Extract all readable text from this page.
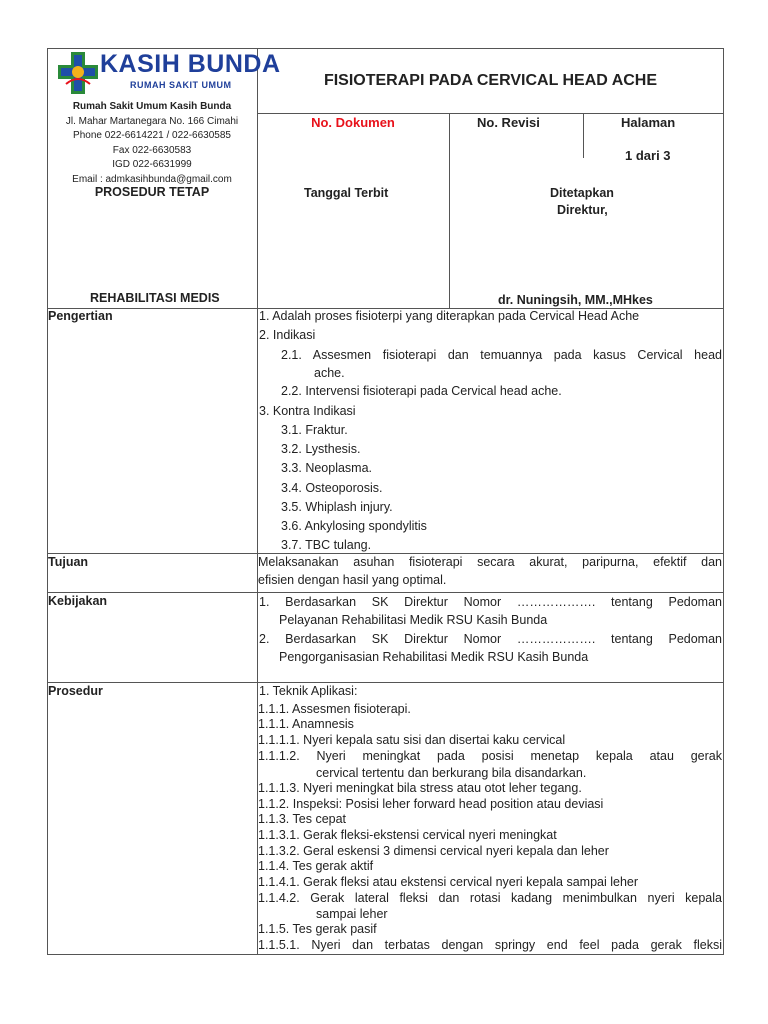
KASIH BUNDA
RUMAH SAKIT UMUM
Rumah Sakit Umum Kasih Bunda
Jl. Mahar Martanegara No. 166 Cimahi
Phone 022-6614221 / 022-6630585
Fax 022-6630583
IGD 022-6631999
Email : admkasihbunda@gmail.com
FISIOTERAPI PADA CERVICAL HEAD ACHE
No. Dokumen	No. Revisi	Halaman
1 dari 3
PROSEDUR TETAP	Tanggal Terbit	Ditetapkan
Direktur,
REHABILITASI MEDIS	dr. Nuningsih, MM.,MHkes
Pengertian	1. Adalah proses fisioterpi yang diterapkan pada Cervical Head Ache
2. Indikasi
2.1. Assesmen fisioterapi dan temuannya pada kasus Cervical head
ache.
2.2. Intervensi fisioterapi pada Cervical head ache.
3. Kontra Indikasi
3.1. Fraktur.
3.2. Lysthesis.
3.3. Neoplasma.
3.4. Osteoporosis.
3.5. Whiplash injury.
3.6. Ankylosing spondylitis
3.7. TBC tulang.
Tujuan	Melaksanakan asuhan fisioterapi secara akurat, paripurna, efektif dan
efisien dengan hasil yang optimal.
Kebijakan	1. Berdasarkan SK Direktur Nomor ………………. tentang Pedoman
Pelayanan Rehabilitasi Medik RSU Kasih Bunda
2. Berdasarkan SK Direktur Nomor ………………. tentang Pedoman
Pengorganisasian Rehabilitasi Medik RSU Kasih Bunda
Prosedur	1. Teknik Aplikasi:
1.1.1. Assesmen fisioterapi.
1.1.1. Anamnesis
1.1.1.1. Nyeri kepala satu sisi dan disertai kaku cervical
1.1.1.2. Nyeri meningkat pada posisi menetap kepala atau gerak
cervical tertentu dan berkurang bila disandarkan.
1.1.1.3. Nyeri meningkat bila stress atau otot leher tegang.
1.1.2. Inspeksi: Posisi leher forward head position atau deviasi
1.1.3. Tes cepat
1.1.3.1. Gerak fleksi-ekstensi cervical nyeri meningkat
1.1.3.2. Geral eskensi 3 dimensi cervical nyeri kepala dan leher
1.1.4. Tes gerak aktif
1.1.4.1. Gerak fleksi atau ekstensi cervical nyeri kepala sampai leher
1.1.4.2. Gerak lateral fleksi dan rotasi kadang menimbulkan nyeri kepala
sampai leher
1.1.5. Tes gerak pasif
1.1.5.1. Nyeri dan terbatas dengan springy end feel pada gerak fleksi
